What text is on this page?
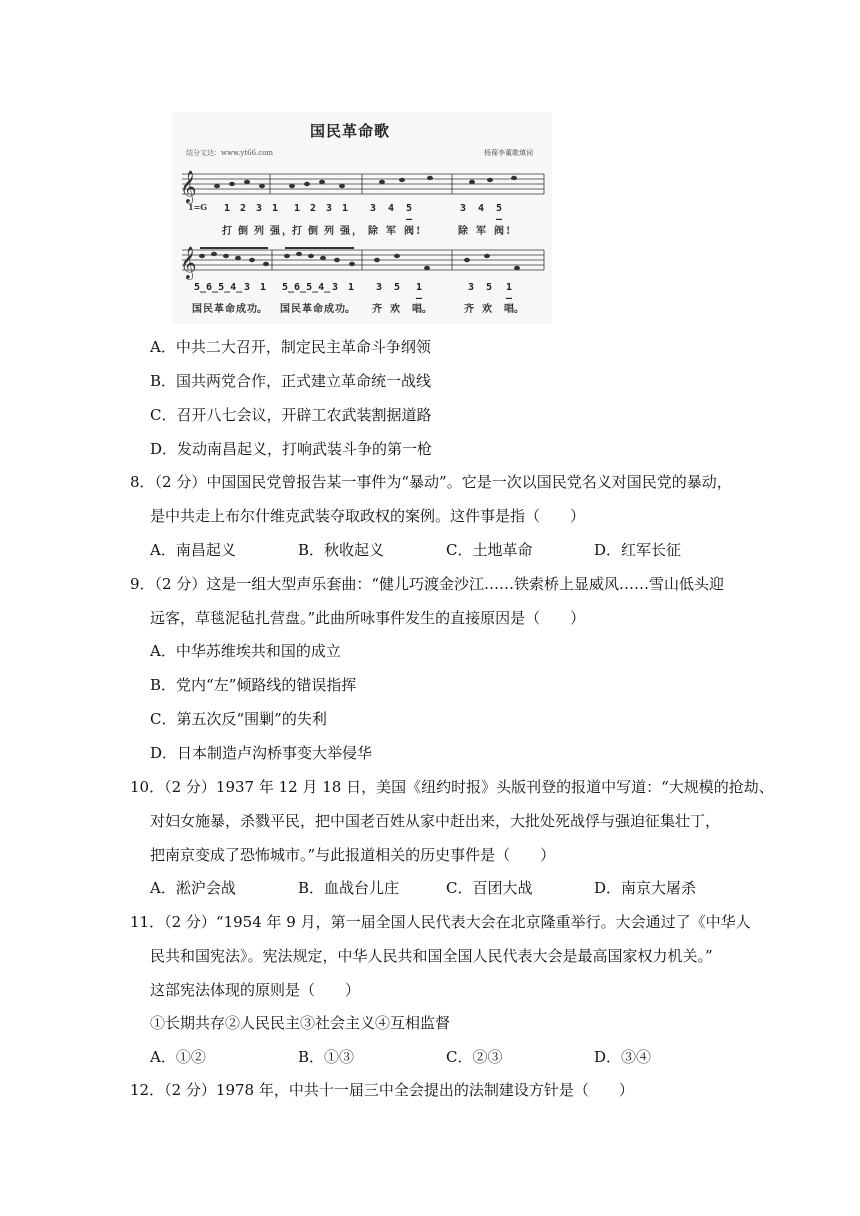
𝄞
𝄞
国民革命歌
结分文达：www.yt66.com	杨葆李董歌填词
1=G 1 2 3 1 1 2 3 1 3 4 5—
3 4 5—
打 倒 列 强，
打 倒 列 强， 除 军 阀!	除 军 阀!
5̲6̲5̲4̲ 3 1 5̲6̲5̲4̲ 3 1 3 5 1—
3 5 1—
国 民 革 命 成 功。 国 民 革 命 成 功。 齐 欢 唱。	齐 欢 唱。
A．中共二大召开，制定民主革命斗争纲领
B．国共两党合作，正式建立革命统一战线
C．召开八七会议，开辟工农武装割据道路
D．发动南昌起义，打响武装斗争的第一枪
8．（2 分）中国国民党曾报告某一事件为“暴动”。它是一次以国民党名义对国民党的暴动，
是中共走上布尔什维克武装夺取政权的案例。这件事是指（　　）
A．南昌起义	B．秋收起义	C．土地革命	D．红军长征
9．（2 分）这是一组大型声乐套曲：“健儿巧渡金沙江……铁索桥上显威风……雪山低头迎
远客，草毯泥毡扎营盘。”此曲所咏事件发生的直接原因是（　　）
A．中华苏维埃共和国的成立
B．党内“左”倾路线的错误指挥
C．第五次反“围剿”的失利
D．日本制造卢沟桥事变大举侵华
10．（2 分）1937 年 12 月 18 日，美国《纽约时报》头版刊登的报道中写道：“大规模的抢劫、
对妇女施暴，杀戮平民，把中国老百姓从家中赶出来，大批处死战俘与强迫征集壮丁，
把南京变成了恐怖城市。”与此报道相关的历史事件是（　　）
A．淞沪会战	B．血战台儿庄	C．百团大战	D．南京大屠杀
11．（2 分）“1954 年 9 月，第一届全国人民代表大会在北京隆重举行。大会通过了《中华人
民共和国宪法》。宪法规定，中华人民共和国全国人民代表大会是最高国家权力机关。”
这部宪法体现的原则是（　　）
①长期共存②人民民主③社会主义④互相监督
A．①②	B．①③	C．②③	D．③④
12．（2 分）1978 年，中共十一届三中全会提出的法制建设方针是（　　）
